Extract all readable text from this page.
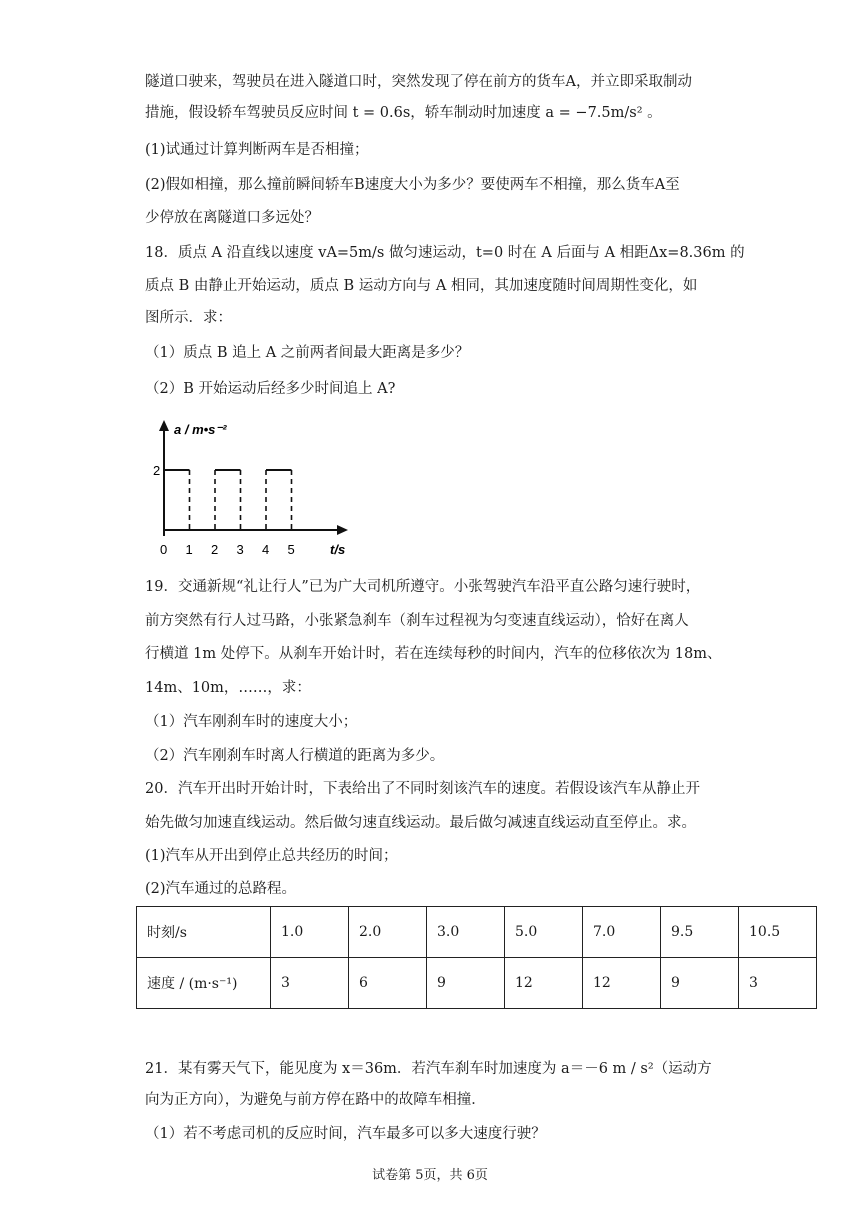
隧道口驶来，驾驶员在进入隧道口时，突然发现了停在前方的货车A，并立即采取制动
措施，假设轿车驾驶员反应时间 t = 0.6s，轿车制动时加速度 a = −7.5m/s² 。
(1)试通过计算判断两车是否相撞；
(2)假如相撞，那么撞前瞬间轿车B速度大小为多少？要使两车不相撞，那么货车A至
少停放在离隧道口多远处？
18．质点 A 沿直线以速度 vA=5m/s 做匀速运动，t=0 时在 A 后面与 A 相距Δx=8.36m 的
质点 B 由静止开始运动，质点 B 运动方向与 A 相同，其加速度随时间周期性变化，如
图所示．求：
（1）质点 B 追上 A 之前两者间最大距离是多少？
（2）B 开始运动后经多少时间追上 A?
a / m•s⁻²
t/s
2
0 1 2 3 4 5
19．交通新规“礼让行人”已为广大司机所遵守。小张驾驶汽车沿平直公路匀速行驶时，
前方突然有行人过马路，小张紧急刹车（刹车过程视为匀变速直线运动），恰好在离人
行横道 1m 处停下。从刹车开始计时，若在连续每秒的时间内，汽车的位移依次为 18m、
14m、10m，……，求：
（1）汽车刚刹车时的速度大小；
（2）汽车刚刹车时离人行横道的距离为多少。
20．汽车开出时开始计时，下表给出了不同时刻该汽车的速度。若假设该汽车从静止开
始先做匀加速直线运动。然后做匀速直线运动。最后做匀减速直线运动直至停止。求。
(1)汽车从开出到停止总共经历的时间；
(2)汽车通过的总路程。
时刻/s	1.0	2.0	3.0	5.0	7.0	9.5	10.5
速度 / (m·s⁻¹)	3	6	9	12	12	9	3
21．某有雾天气下，能见度为 x＝36m．若汽车刹车时加速度为 a＝－6 m / s²（运动方
向为正方向），为避免与前方停在路中的故障车相撞．
（1）若不考虑司机的反应时间，汽车最多可以多大速度行驶？
试卷第 5页，共 6页
